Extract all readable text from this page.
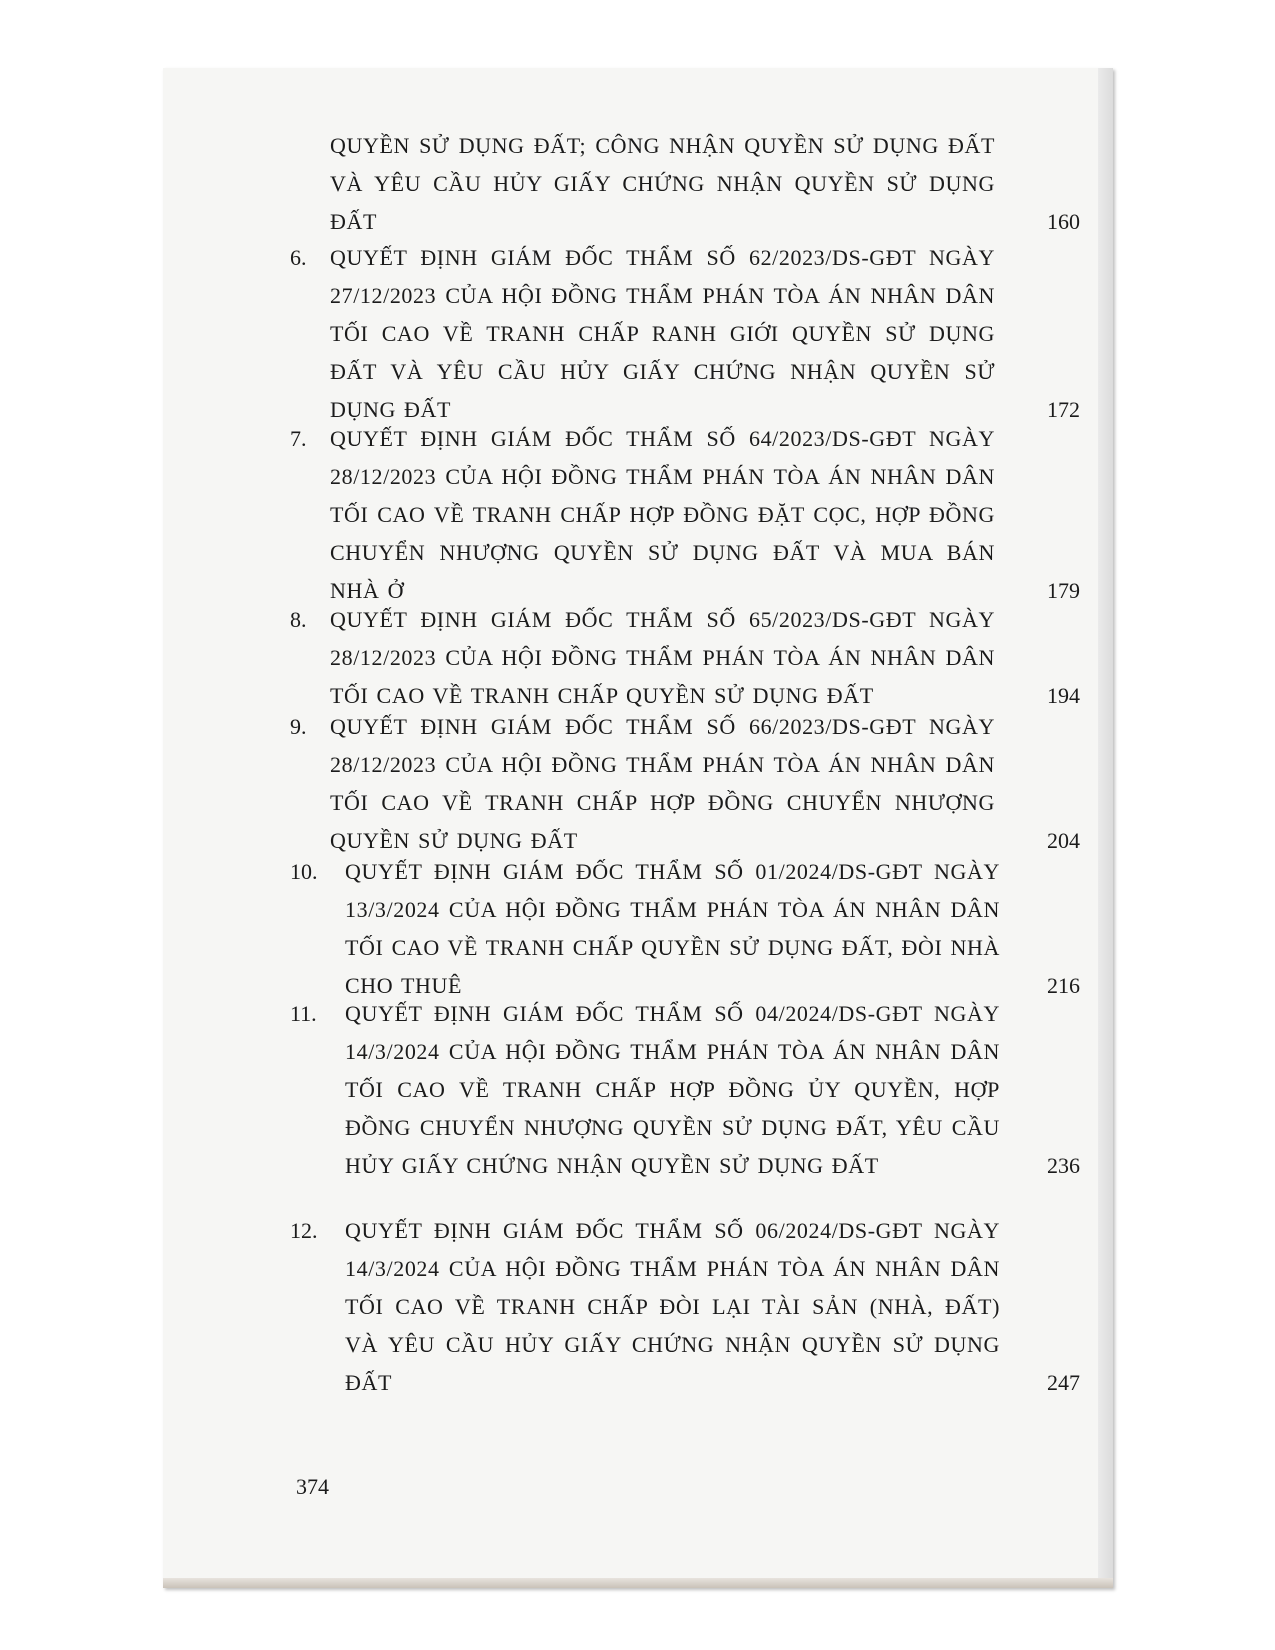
QUYỀN SỬ DỤNG ĐẤT; CÔNG NHẬN QUYỀN SỬ DỤNG ĐẤT VÀ YÊU CẦU HỦY GIẤY CHỨNG NHẬN QUYỀN SỬ DỤNG ĐẤT	160
6. QUYẾT ĐỊNH GIÁM ĐỐC THẨM SỐ 62/2023/DS-GĐT NGÀY 27/12/2023 CỦA HỘI ĐỒNG THẨM PHÁN TÒA ÁN NHÂN DÂN TỐI CAO VỀ TRANH CHẤP RANH GIỚI QUYỀN SỬ DỤNG ĐẤT VÀ YÊU CẦU HỦY GIẤY CHỨNG NHẬN QUYỀN SỬ DỤNG ĐẤT	172
7. QUYẾT ĐỊNH GIÁM ĐỐC THẨM SỐ 64/2023/DS-GĐT NGÀY 28/12/2023 CỦA HỘI ĐỒNG THẨM PHÁN TÒA ÁN NHÂN DÂN TỐI CAO VỀ TRANH CHẤP HỢP ĐỒNG ĐẶT CỌC, HỢP ĐỒNG CHUYỂN NHƯỢNG QUYỀN SỬ DỤNG ĐẤT VÀ MUA BÁN NHÀ Ở	179
8. QUYẾT ĐỊNH GIÁM ĐỐC THẨM SỐ 65/2023/DS-GĐT NGÀY 28/12/2023 CỦA HỘI ĐỒNG THẨM PHÁN TÒA ÁN NHÂN DÂN TỐI CAO VỀ TRANH CHẤP QUYỀN SỬ DỤNG ĐẤT	194
9. QUYẾT ĐỊNH GIÁM ĐỐC THẨM SỐ 66/2023/DS-GĐT NGÀY 28/12/2023 CỦA HỘI ĐỒNG THẨM PHÁN TÒA ÁN NHÂN DÂN TỐI CAO VỀ TRANH CHẤP HỢP ĐỒNG CHUYỂN NHƯỢNG QUYỀN SỬ DỤNG ĐẤT	204
10. QUYẾT ĐỊNH GIÁM ĐỐC THẨM SỐ 01/2024/DS-GĐT NGÀY 13/3/2024 CỦA HỘI ĐỒNG THẨM PHÁN TÒA ÁN NHÂN DÂN TỐI CAO VỀ TRANH CHẤP QUYỀN SỬ DỤNG ĐẤT, ĐÒI NHÀ CHO THUÊ	216
11. QUYẾT ĐỊNH GIÁM ĐỐC THẨM SỐ 04/2024/DS-GĐT NGÀY 14/3/2024 CỦA HỘI ĐỒNG THẨM PHÁN TÒA ÁN NHÂN DÂN TỐI CAO VỀ TRANH CHẤP HỢP ĐỒNG ỦY QUYỀN, HỢP ĐỒNG CHUYỂN NHƯỢNG QUYỀN SỬ DỤNG ĐẤT, YÊU CẦU HỦY GIẤY CHỨNG NHẬN QUYỀN SỬ DỤNG ĐẤT	236
12. QUYẾT ĐỊNH GIÁM ĐỐC THẨM SỐ 06/2024/DS-GĐT NGÀY 14/3/2024 CỦA HỘI ĐỒNG THẨM PHÁN TÒA ÁN NHÂN DÂN TỐI CAO VỀ TRANH CHẤP ĐÒI LẠI TÀI SẢN (NHÀ, ĐẤT) VÀ YÊU CẦU HỦY GIẤY CHỨNG NHẬN QUYỀN SỬ DỤNG ĐẤT	247
374
